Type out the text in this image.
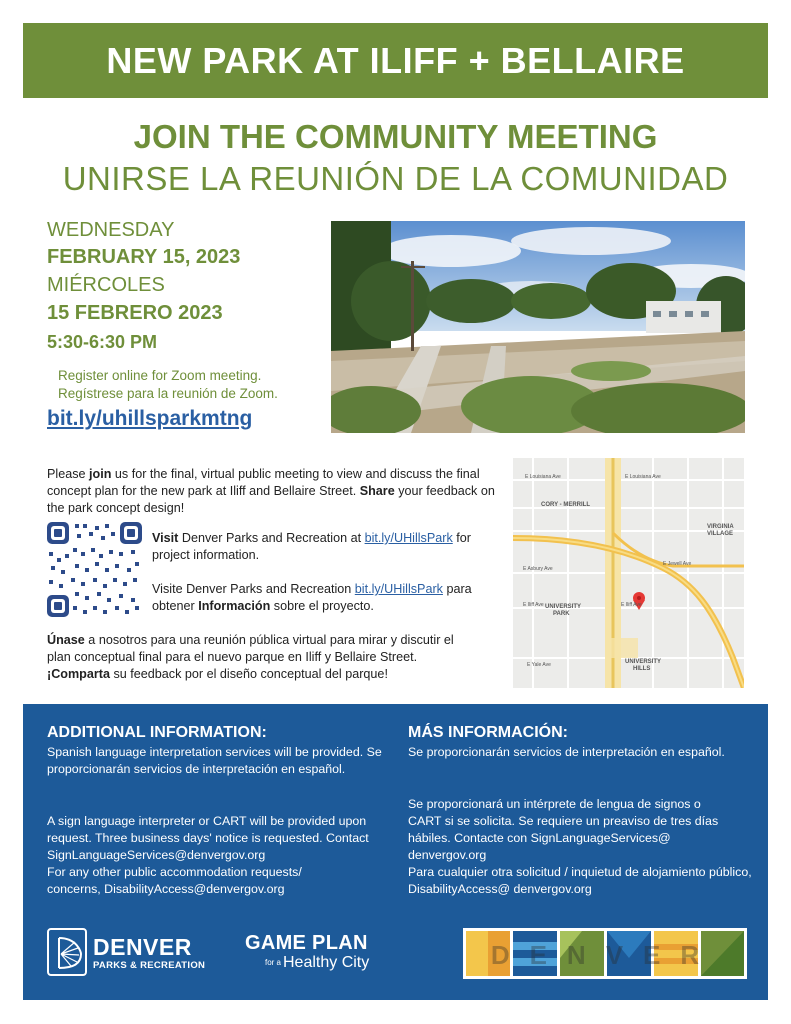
NEW PARK AT ILIFF + BELLAIRE
JOIN THE COMMUNITY MEETING
UNIRSE LA REUNIÓN DE LA COMUNIDAD
WEDNESDAY
FEBRUARY 15, 2023
MIÉRCOLES
15 FEBRERO 2023
5:30-6:30 PM
Register online for Zoom meeting.
Regístrese para la reunión de Zoom.
bit.ly/uhillsparkmtng
Please join us for the final, virtual public meeting to view and discuss the final concept plan for the new park at Iliff and Bellaire Street. Share your feedback on the park concept design!
Visit Denver Parks and Recreation at bit.ly/UHillsPark for project information.
Visite Denver Parks and Recreation bit.ly/UHillsPark para obtener Información sobre el proyecto.
Únase a nosotros para una reunión pública virtual para mirar y discutir el plan conceptual final para el nuevo parque en Iliff y Bellaire Street. ¡Comparta su feedback por el diseño conceptual del parque!
CORY - MERRILL
VIRGINIA
VILLAGE
UNIVERSITY
PARK
UNIVERSITY
HILLS
E Louisiana Ave	E Louisiana Ave
E Jewell Ave
E Asbury Ave
E Iliff Ave
E Iliff Ave
E Yale Ave
ADDITIONAL INFORMATION:
Spanish language interpretation services will be provided. Se proporcionarán servicios de interpretación en español.
A sign language interpreter or CART will be provided upon request. Three business days' notice is requested. Contact SignLanguageServices@denvergov.org
For any other public accommodation requests/ concerns, DisabilityAccess@denvergov.org
MÁS INFORMACIÓN:
Se proporcionarán servicios de interpretación en español.
Se proporcionará un intérprete de lengua de signos o CART si se solicita. Se requiere un preaviso de tres días hábiles. Contacte con SignLanguageServices@ denvergov.org
Para cualquier otra solicitud / inquietud de alojamiento público, DisabilityAccess@ denvergov.org
DENVER
PARKS & RECREATION
GAME PLAN
for a Healthy City	DENVER
